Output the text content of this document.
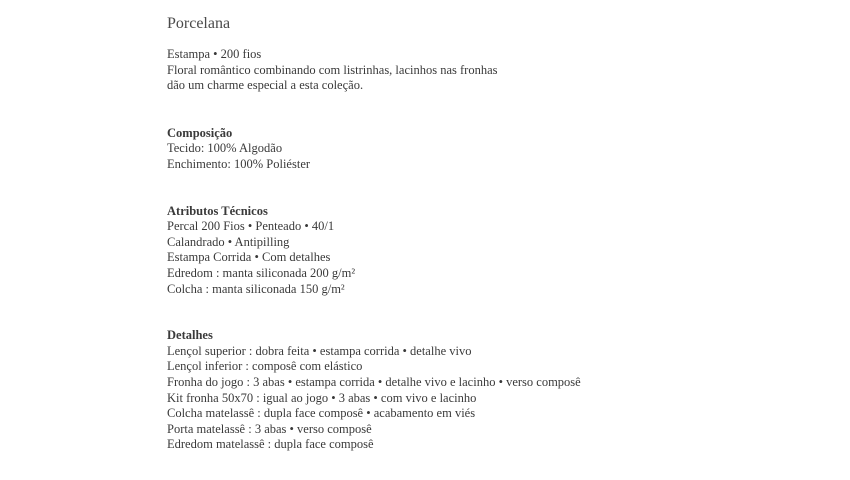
Porcelana

Estampa • 200 fios

Floral romântico combinando com listrinhas, lacinhos nas fronhas

dão um charme especial a esta coleção.

Composição

Tecido: 100% Algodão

Enchimento: 100% Poliéster

Atributos Técnicos

Percal 200 Fios • Penteado • 40/1

Calandrado • Antipilling

Estampa Corrida • Com detalhes

Edredom : manta siliconada 200 g/m²

Colcha : manta siliconada 150 g/m²

Detalhes

Lençol superior : dobra feita • estampa corrida • detalhe vivo

Lençol inferior : composê com elástico

Fronha do jogo : 3 abas • estampa corrida • detalhe vivo e lacinho • verso composê

Kit fronha 50x70 : igual ao jogo • 3 abas • com vivo e lacinho

Colcha matelassê : dupla face composê • acabamento em viés

Porta matelassê : 3 abas • verso composê

Edredom matelassê : dupla face composê
